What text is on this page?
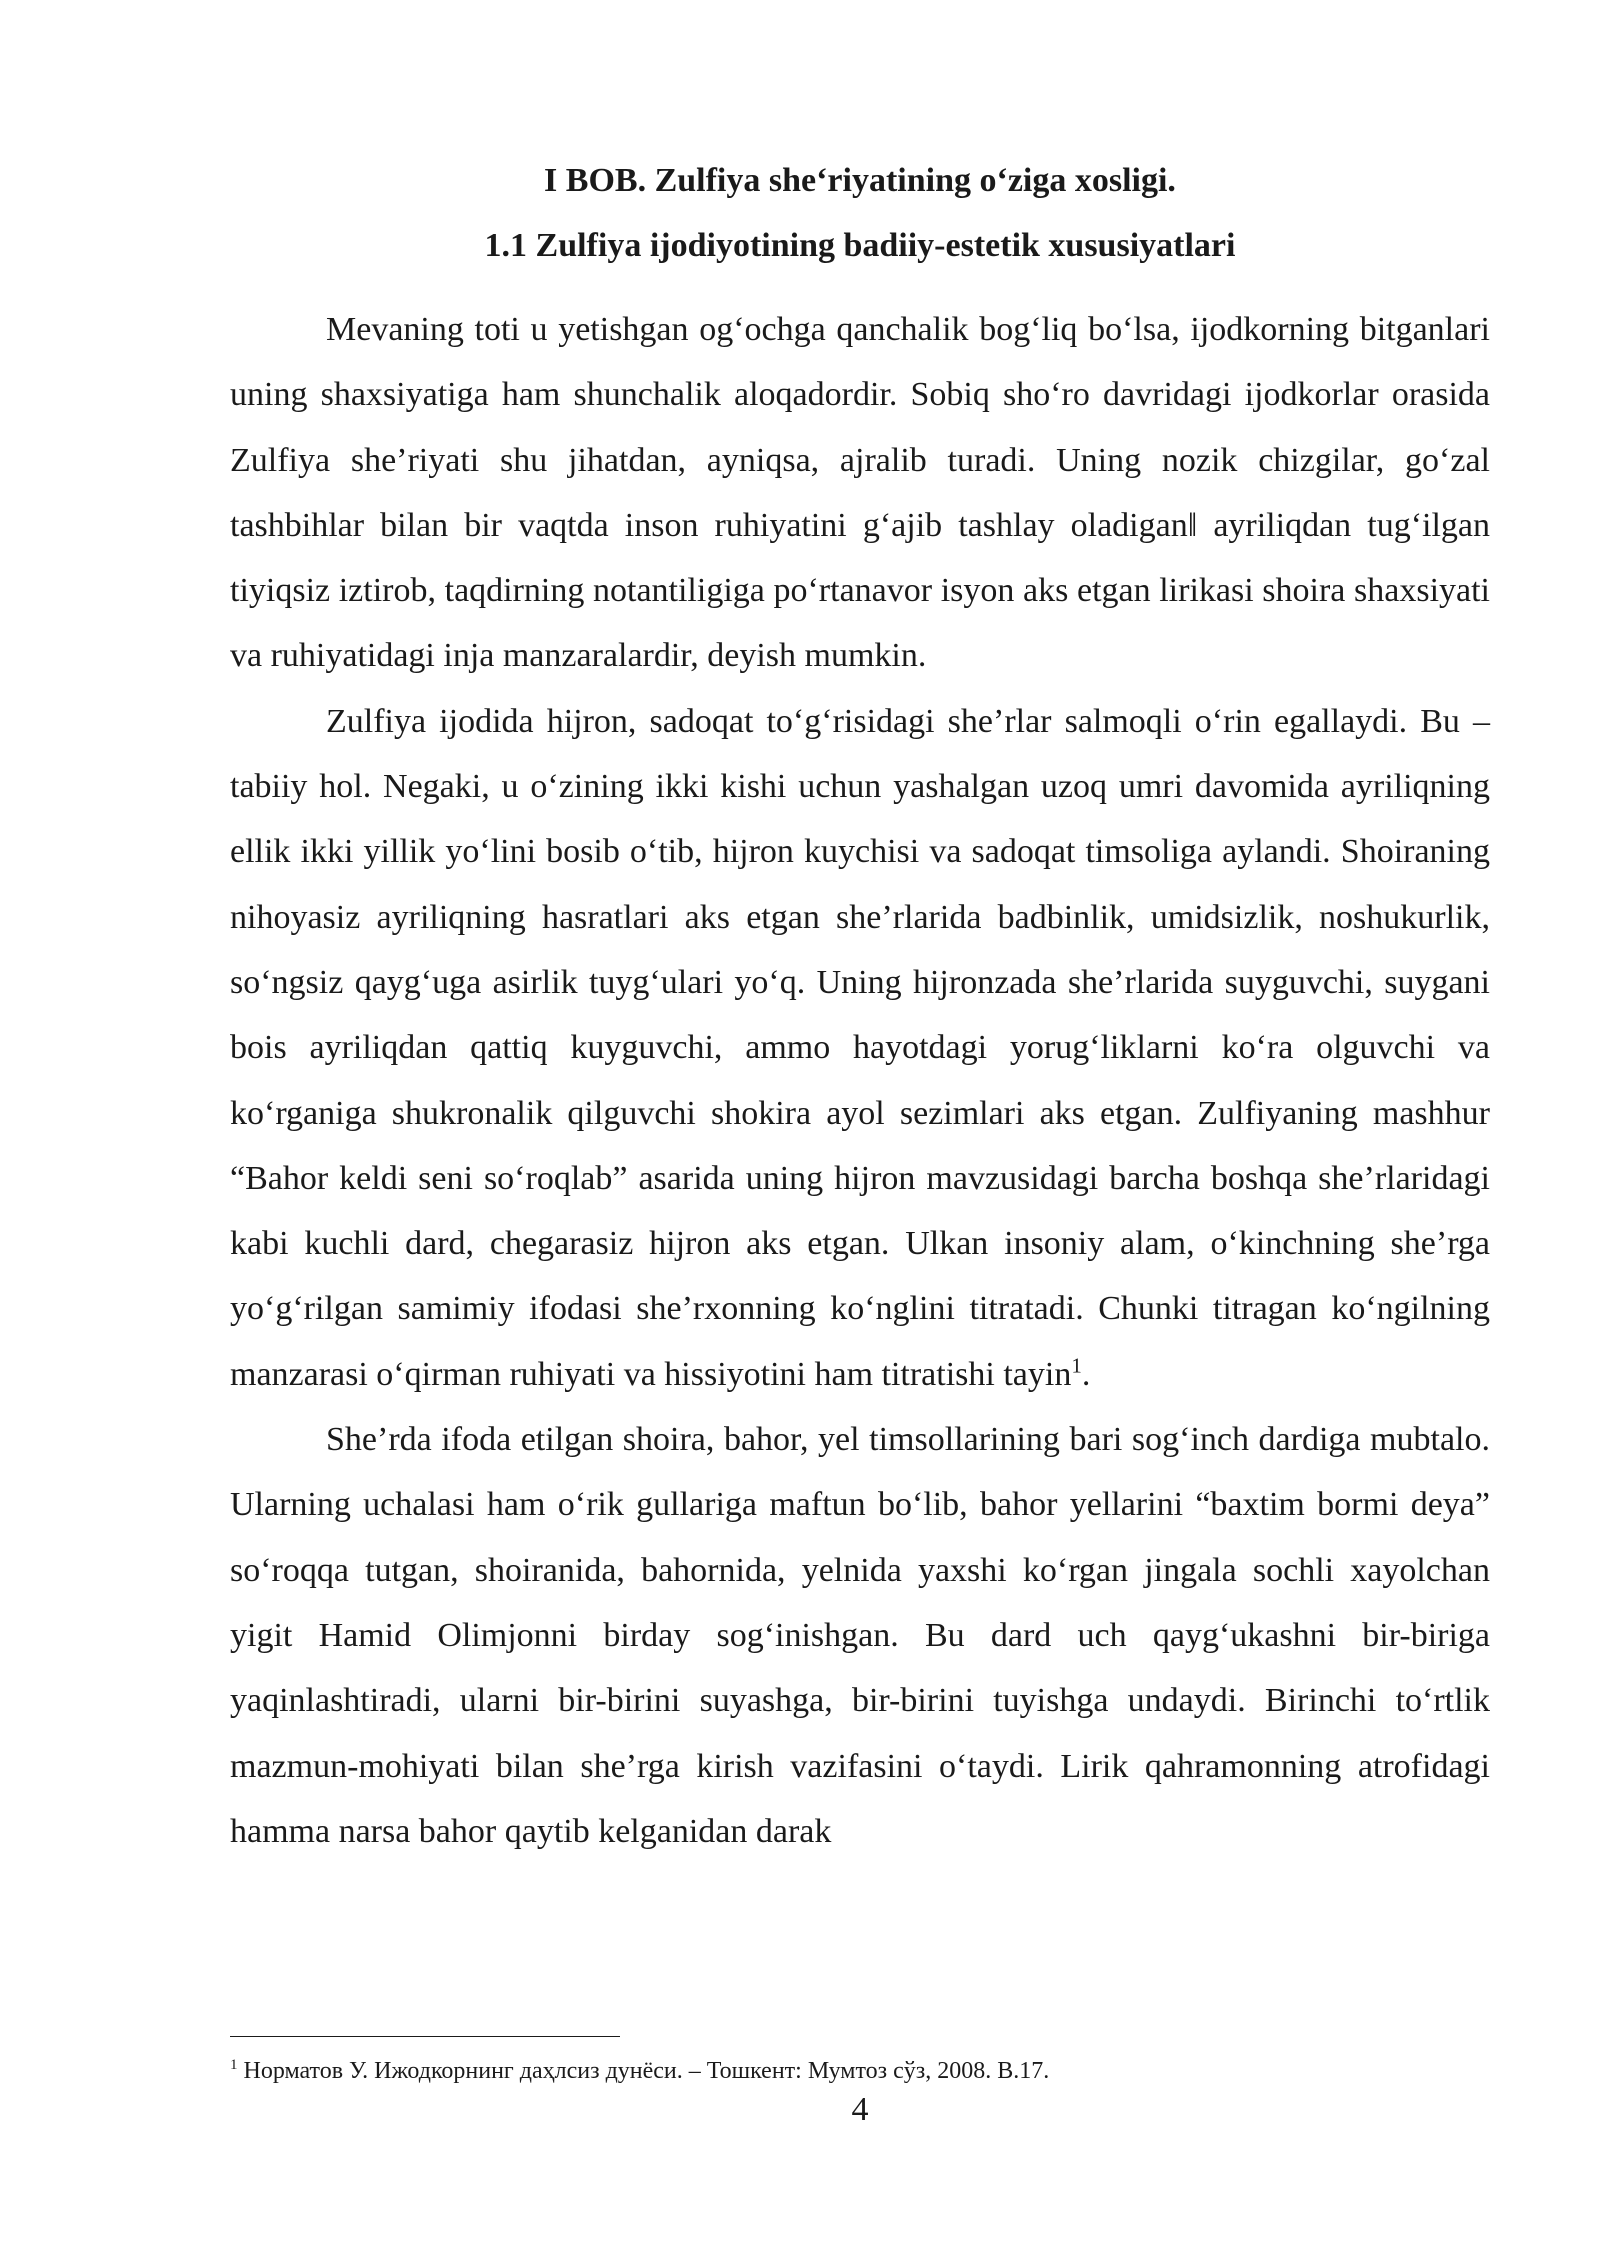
I BOB. Zulfiya she‘riyatining o‘ziga xosligi.
1.1 Zulfiya ijodiyotining badiiy-estetik xususiyatlari

Mevaning toti u yetishgan og‘ochga qanchalik bog‘liq bo‘lsa, ijodkorning bitganlari uning shaxsiyatiga ham shunchalik aloqadordir. Sobiq sho‘ro davridagi ijodkorlar orasida Zulfiya she’riyati shu jihatdan, ayniqsa, ajralib turadi. Uning nozik chizgilar, go‘zal tashbihlar bilan bir vaqtda inson ruhiyatini g‘ajib tashlay oladigan‖ ayriliqdan tug‘ilgan tiyiqsiz iztirob, taqdirning notantiligiga po‘rtanavor isyon aks etgan lirikasi shoira shaxsiyati va ruhiyatidagi inja manzaralardir, deyish mumkin.

Zulfiya ijodida hijron, sadoqat to‘g‘risidagi she’rlar salmoqli o‘rin egallaydi. Bu – tabiiy hol. Negaki, u o‘zining ikki kishi uchun yashalgan uzoq umri davomida ayriliqning ellik ikki yillik yo‘lini bosib o‘tib, hijron kuychisi va sadoqat timsoliga aylandi. Shoiraning nihoyasiz ayriliqning hasratlari aks etgan she’rlarida badbinlik, umidsizlik, noshukurlik, so‘ngsiz qayg‘uga asirlik tuyg‘ulari yo‘q. Uning hijronzada she’rlarida suyguvchi, suygani bois ayriliqdan qattiq kuyguvchi, ammo hayotdagi yorug‘liklarni ko‘ra olguvchi va ko‘rganiga shukronalik qilguvchi shokira ayol sezimlari aks etgan. Zulfiyaning mashhur “Bahor keldi seni so‘roqlab” asarida uning hijron mavzusidagi barcha boshqa she’rlaridagi kabi kuchli dard, chegarasiz hijron aks etgan. Ulkan insoniy alam, o‘kinchning she’rga yo‘g‘rilgan samimiy ifodasi she’rxonning ko‘nglini titratadi. Chunki titragan ko‘ngilning manzarasi o‘qirman ruhiyati va hissiyotini ham titratishi tayin$^1$.

She’rda ifoda etilgan shoira, bahor, yel timsollarining bari sog‘inch dardiga mubtalo. Ularning uchalasi ham o‘rik gullariga maftun bo‘lib, bahor yellarini “baxtim bormi deya” so‘roqqa tutgan, shoiranida, bahornida, yelnida yaxshi ko‘rgan jingala sochli xayolchan yigit Hamid Olimjonni birday sog‘inishgan. Bu dard uch qayg‘ukashni bir-biriga yaqinlashtiradi, ularni bir-birini suyashga, bir-birini tuyishga undaydi. Birinchi to‘rtlik mazmun-mohiyati bilan she’rga kirish vazifasini o‘taydi. Lirik qahramonning atrofidagi hamma narsa bahor qaytib kelganidan darak

$^1$ Норматов У. Ижодкорнинг даҳлсиз дунёси. – Тошкент: Мумтоз сўз, 2008. B.17.
4
